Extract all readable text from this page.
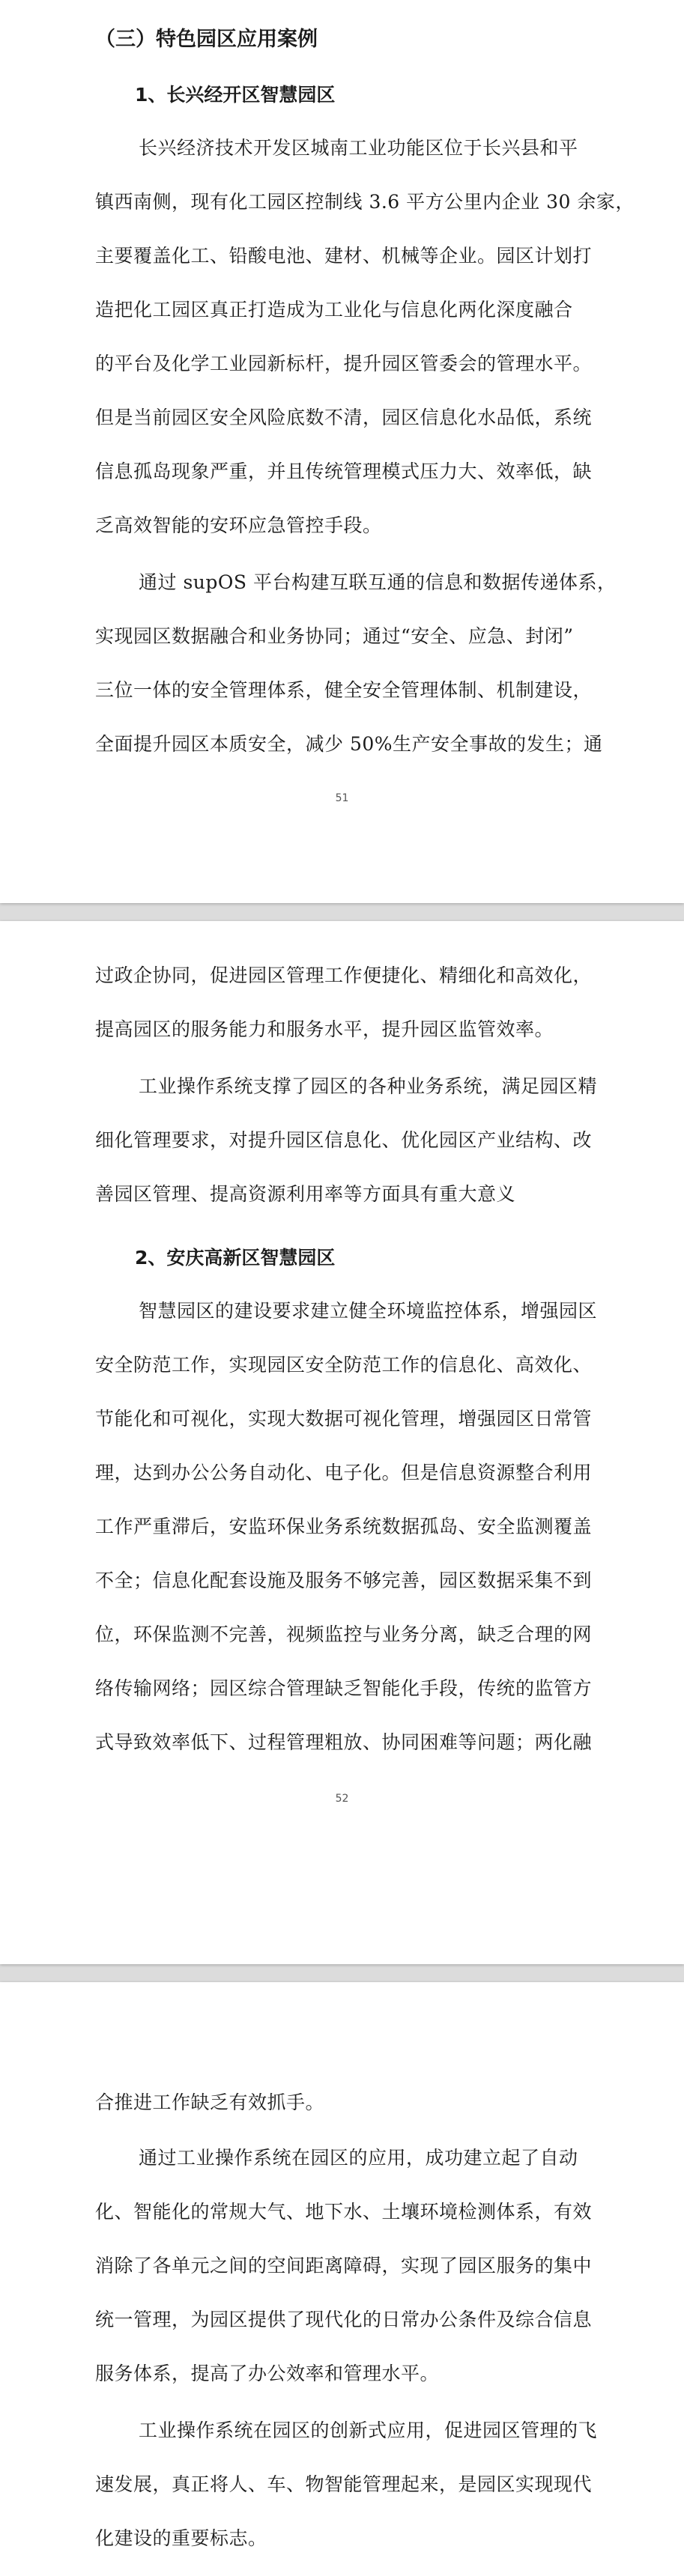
（三）特色园区应用案例
1、长兴经开区智慧园区
长兴经济技术开发区城南工业功能区位于长兴县和平
镇西南侧，现有化工园区控制线 3.6 平方公里内企业 30 余家，
主要覆盖化工、铅酸电池、建材、机械等企业。园区计划打
造把化工园区真正打造成为工业化与信息化两化深度融合
的平台及化学工业园新标杆，提升园区管委会的管理水平。
但是当前园区安全风险底数不清，园区信息化水品低，系统
信息孤岛现象严重，并且传统管理模式压力大、效率低，缺
乏高效智能的安环应急管控手段。
通过 supOS 平台构建互联互通的信息和数据传递体系，
实现园区数据融合和业务协同；通过“安全、应急、封闭”
三位一体的安全管理体系，健全安全管理体制、机制建设，
全面提升园区本质安全，减少 50%生产安全事故的发生；通
51
过政企协同，促进园区管理工作便捷化、精细化和高效化，
提高园区的服务能力和服务水平，提升园区监管效率。
工业操作系统支撑了园区的各种业务系统，满足园区精
细化管理要求，对提升园区信息化、优化园区产业结构、改
善园区管理、提高资源利用率等方面具有重大意义
2、安庆高新区智慧园区
智慧园区的建设要求建立健全环境监控体系，增强园区
安全防范工作，实现园区安全防范工作的信息化、高效化、
节能化和可视化，实现大数据可视化管理，增强园区日常管
理，达到办公公务自动化、电子化。但是信息资源整合利用
工作严重滞后，安监环保业务系统数据孤岛、安全监测覆盖
不全；信息化配套设施及服务不够完善，园区数据采集不到
位，环保监测不完善，视频监控与业务分离，缺乏合理的网
络传输网络；园区综合管理缺乏智能化手段，传统的监管方
式导致效率低下、过程管理粗放、协同困难等问题；两化融
52
合推进工作缺乏有效抓手。
通过工业操作系统在园区的应用，成功建立起了自动
化、智能化的常规大气、地下水、土壤环境检测体系，有效
消除了各单元之间的空间距离障碍，实现了园区服务的集中
统一管理，为园区提供了现代化的日常办公条件及综合信息
服务体系，提高了办公效率和管理水平。
工业操作系统在园区的创新式应用，促进园区管理的飞
速发展，真正将人、车、物智能管理起来，是园区实现现代
化建设的重要标志。
